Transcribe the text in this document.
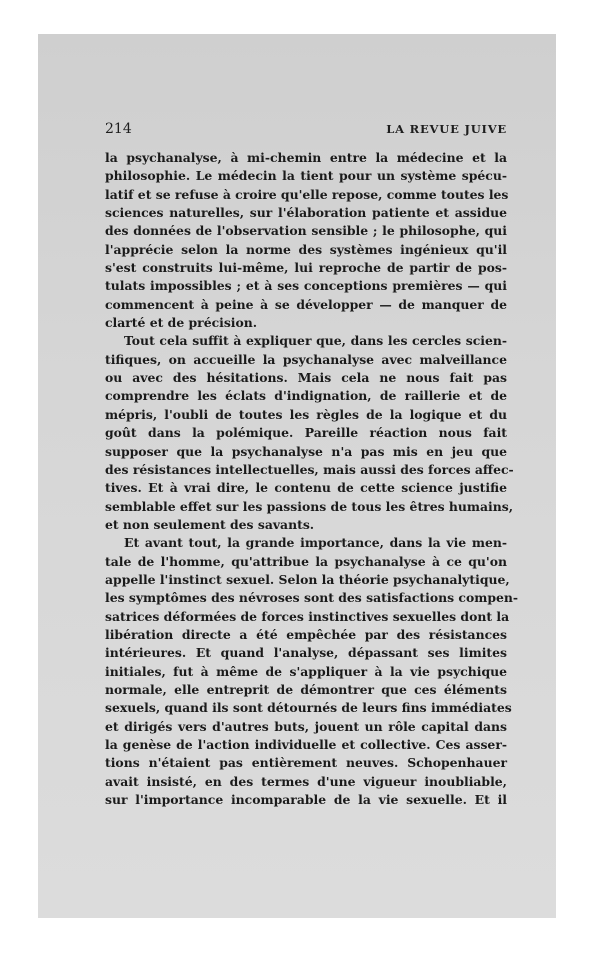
214	LA REVUE JUIVE
la psychanalyse, à mi-chemin entre la médecine et la
philosophie. Le médecin la tient pour un système spécu-
latif et se refuse à croire qu'elle repose, comme toutes les
sciences naturelles, sur l'élaboration patiente et assidue
des données de l'observation sensible ; le philosophe, qui
l'apprécie selon la norme des systèmes ingénieux qu'il
s'est construits lui-même, lui reproche de partir de pos-
tulats impossibles ; et à ses conceptions premières — qui
commencent à peine à se développer — de manquer de
clarté et de précision.
Tout cela suffit à expliquer que, dans les cercles scien-
tifiques, on accueille la psychanalyse avec malveillance
ou avec des hésitations. Mais cela ne nous fait pas
comprendre les éclats d'indignation, de raillerie et de
mépris, l'oubli de toutes les règles de la logique et du
goût dans la polémique. Pareille réaction nous fait
supposer que la psychanalyse n'a pas mis en jeu que
des résistances intellectuelles, mais aussi des forces affec-
tives. Et à vrai dire, le contenu de cette science justifie
semblable effet sur les passions de tous les êtres humains,
et non seulement des savants.
Et avant tout, la grande importance, dans la vie men-
tale de l'homme, qu'attribue la psychanalyse à ce qu'on
appelle l'instinct sexuel. Selon la théorie psychanalytique,
les symptômes des névroses sont des satisfactions compen-
satrices déformées de forces instinctives sexuelles dont la
libération directe a été empêchée par des résistances
intérieures. Et quand l'analyse, dépassant ses limites
initiales, fut à même de s'appliquer à la vie psychique
normale, elle entreprit de démontrer que ces éléments
sexuels, quand ils sont détournés de leurs fins immédiates
et dirigés vers d'autres buts, jouent un rôle capital dans
la genèse de l'action individuelle et collective. Ces asser-
tions n'étaient pas entièrement neuves. Schopenhauer
avait insisté, en des termes d'une vigueur inoubliable,
sur l'importance incomparable de la vie sexuelle. Et il
